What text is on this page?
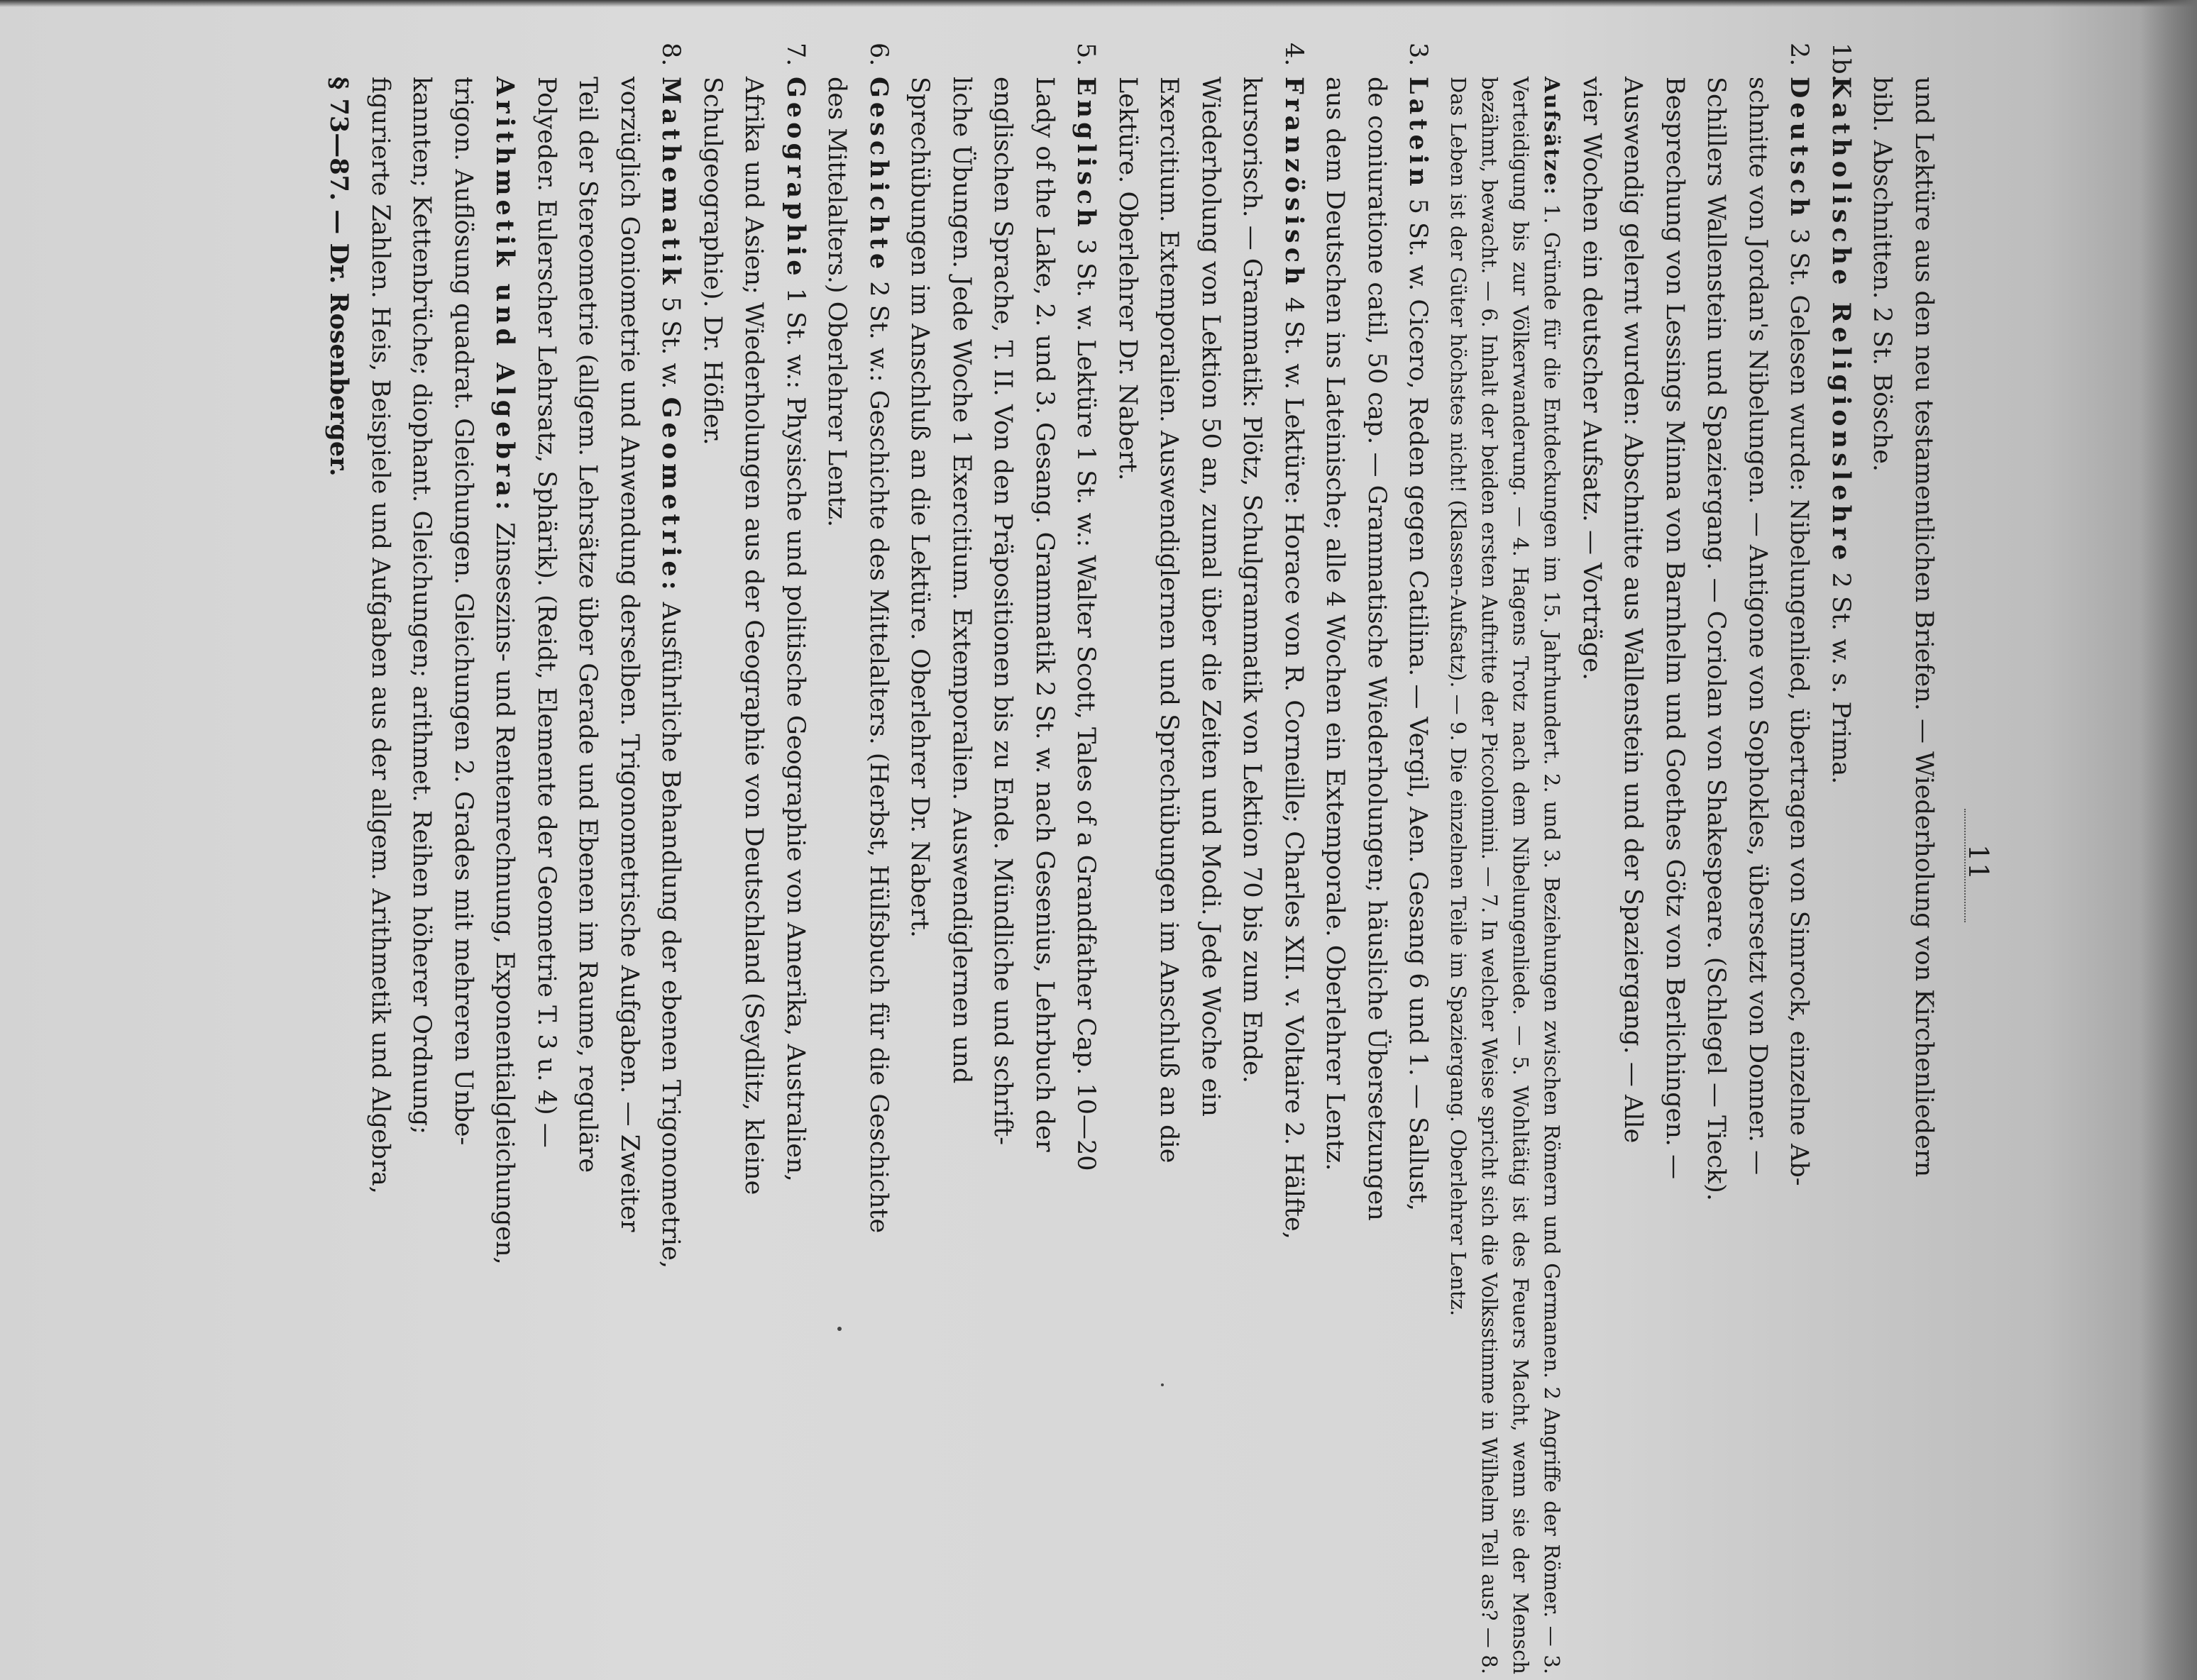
11

und Lektüre aus den neu testamentlichen Briefen. — Wiederholung von Kirchenliedern

bibl. Abschnitten. 2 St. Bösche.

1b.Katholische Religionslehre 2 St. w. s. Prima.

2.Deutsch 3 St. Gelesen wurde: Nibelungenlied, übertragen von Simrock, einzelne Ab-

schnitte von Jordan's Nibelungen. — Antigone von Sophokles, übersetzt von Donner. —

Schillers Wallenstein und Spaziergang. — Coriolan von Shakespeare. (Schlegel — Tieck).

Besprechung von Lessings Minna von Barnhelm und Goethes Götz von Berlichingen. —

Auswendig gelernt wurden: Abschnitte aus Wallenstein und der Spaziergang. — Alle

vier Wochen ein deutscher Aufsatz. — Vorträge.

Aufsätze: 1. Gründe für die Entdeckungen im 15. Jahrhundert. 2. und 3. Beziehungen zwischen Römern und Germanen. 2 Angriffe der Römer. — 3. Verteidigung bis zur Völkerwanderung. — 4. Hagens Trotz nach dem Nibelungenliede. — 5. Wohltätig ist des Feuers Macht, wenn sie der Mensch bezähmt, bewacht. — 6. Inhalt der beiden ersten Auftritte der Piccolomini. — 7. In welcher Weise spricht sich die Volksstimme in Wilhelm Tell aus? — 8. Das Leben ist der Güter höchstes nicht! (Klassen-Aufsatz). — 9. Die einzelnen Teile im Spaziergang. Oberlehrer Lentz.

3.Latein 5 St. w. Cicero, Reden gegen Catilina. — Vergil, Aen. Gesang 6 und 1. — Sallust,

de coniuratione catil, 50 cap. — Grammatische Wiederholungen; häusliche Übersetzungen

aus dem Deutschen ins Lateinische; alle 4 Wochen ein Extemporale. Oberlehrer Lentz.

4.Französisch 4 St. w. Lektüre: Horace von R. Corneille; Charles XII. v. Voltaire 2. Hälfte,

kursorisch. — Grammatik: Plötz, Schulgrammatik von Lektion 70 bis zum Ende.

Wiederholung von Lektion 50 an, zumal über die Zeiten und Modi. Jede Woche ein

Exercitium. Extemporalien. Auswendiglernen und Sprechübungen im Anschluß an die

Lektüre. Oberlehrer Dr. Nabert.

5.Englisch 3 St. w. Lektüre 1 St. w.: Walter Scott, Tales of a Grandfather Cap. 10—20

Lady of the Lake, 2. und 3. Gesang. Grammatik 2 St. w. nach Gesenius, Lehrbuch der

englischen Sprache, T. II. Von den Präpositionen bis zu Ende. Mündliche und schrift-

liche Übungen. Jede Woche 1 Exercitium. Extemporalien. Auswendiglernen und

Sprechübungen im Anschluß an die Lektüre. Oberlehrer Dr. Nabert.

6.Geschichte 2 St. w.: Geschichte des Mittelalters. (Herbst, Hülfsbuch für die Geschichte

des Mittelalters.) Oberlehrer Lentz.

7.Geographie 1 St. w.: Physische und politische Geographie von Amerika, Australien,

Afrika und Asien; Wiederholungen aus der Geographie von Deutschland (Seydlitz, kleine

Schulgeographie). Dr. Höfler.

8.Mathematik 5 St. w. Geometrie: Ausführliche Behandlung der ebenen Trigonometrie,

vorzüglich Goniometrie und Anwendung derselben. Trigonometrische Aufgaben. — Zweiter

Teil der Stereometrie (allgem. Lehrsätze über Gerade und Ebenen im Raume, reguläre

Polyeder. Eulerscher Lehrsatz, Sphärik). (Reidt, Elemente der Geometrie T. 3 u. 4) —

Arithmetik und Algebra: Zinseszins- und Rentenrechnung, Exponentialgleichungen,

trigon. Auflösung quadrat. Gleichungen. Gleichungen 2. Grades mit mehreren Unbe-

kannten; Kettenbrüche; diophant. Gleichungen; arithmet. Reihen höherer Ordnung;

figurierte Zahlen. Heis, Beispiele und Aufgaben aus der allgem. Arithmetik und Algebra,

§ 73—87. — Dr. Rosenberger.
